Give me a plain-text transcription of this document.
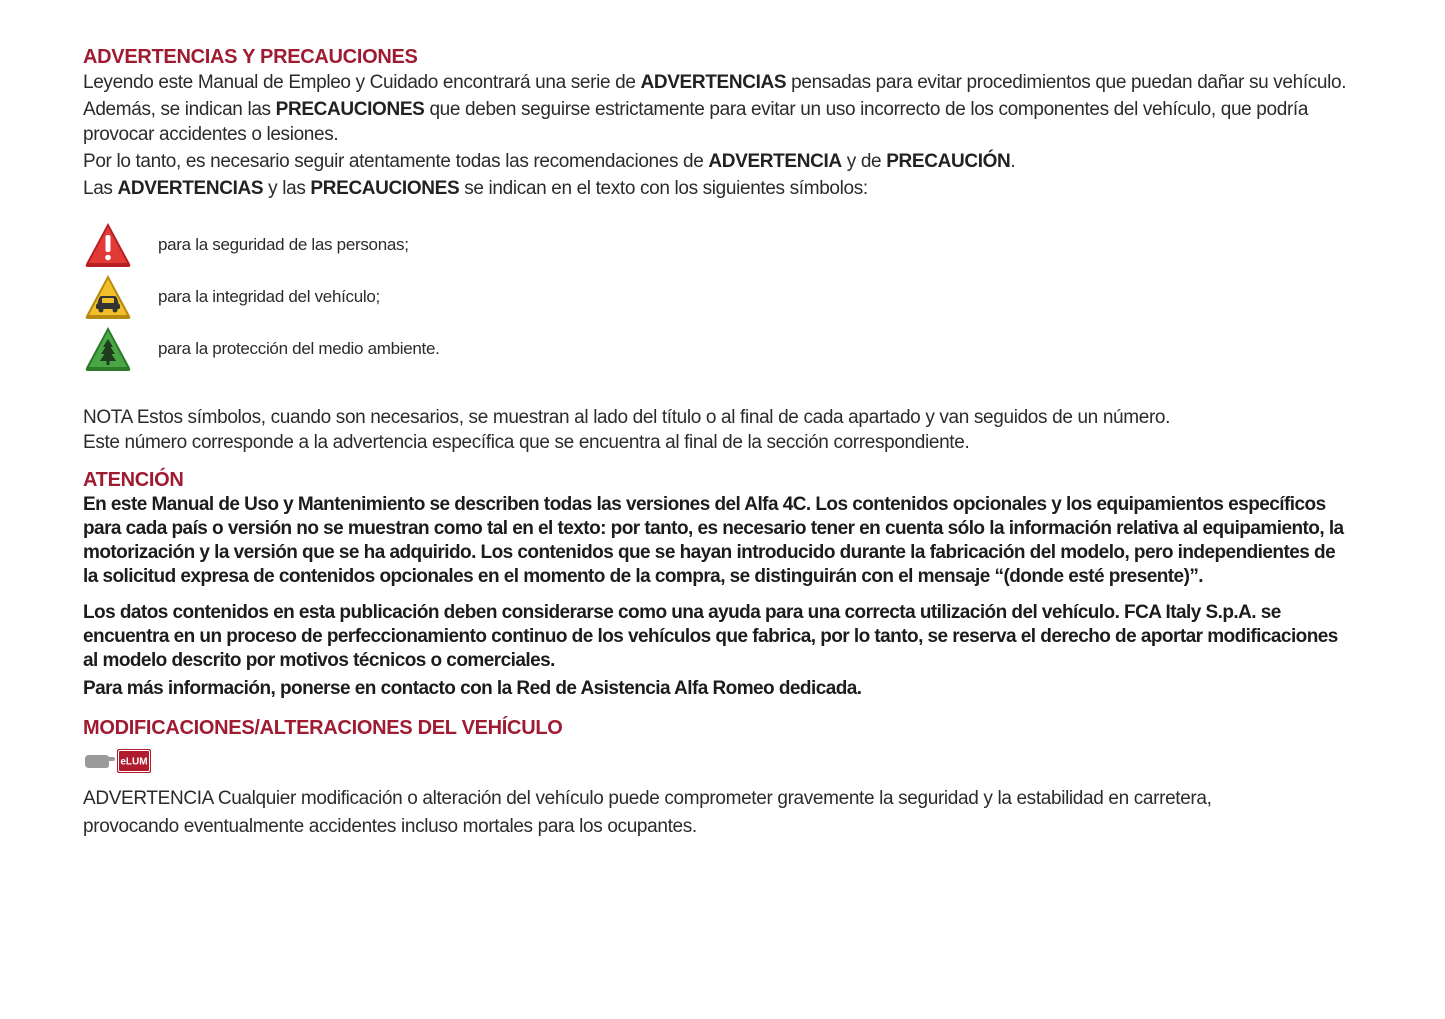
ADVERTENCIAS Y PRECAUCIONES

Leyendo este Manual de Empleo y Cuidado encontrará una serie de ADVERTENCIAS pensadas para evitar procedimientos que puedan dañar su vehículo.

Además, se indican las PRECAUCIONES que deben seguirse estrictamente para evitar un uso incorrecto de los componentes del vehículo, que podría provocar accidentes o lesiones.

Por lo tanto, es necesario seguir atentamente todas las recomendaciones de ADVERTENCIA y de PRECAUCIÓN.

Las ADVERTENCIAS y las PRECAUCIONES se indican en el texto con los siguientes símbolos:

para la seguridad de las personas;
para la integridad del vehículo;
para la protección del medio ambiente.

NOTA Estos símbolos, cuando son necesarios, se muestran al lado del título o al final de cada apartado y van seguidos de un número.

Este número corresponde a la advertencia específica que se encuentra al final de la sección correspondiente.

ATENCIÓN

En este Manual de Uso y Mantenimiento se describen todas las versiones del Alfa 4C. Los contenidos opcionales y los equipamientos específicos para cada país o versión no se muestran como tal en el texto: por tanto, es necesario tener en cuenta sólo la información relativa al equipamiento, la motorización y la versión que se ha adquirido. Los contenidos que se hayan introducido durante la fabricación del modelo, pero independientes de la solicitud expresa de contenidos opcionales en el momento de la compra, se distinguirán con el mensaje “(donde esté presente)”.

Los datos contenidos en esta publicación deben considerarse como una ayuda para una correcta utilización del vehículo. FCA Italy S.p.A. se encuentra en un proceso de perfeccionamiento continuo de los vehículos que fabrica, por lo tanto, se reserva el derecho de aportar modificaciones al modelo descrito por motivos técnicos o comerciales.

Para más información, ponerse en contacto con la Red de Asistencia Alfa Romeo dedicada.

MODIFICACIONES/ALTERACIONES DEL VEHÍCULO
eLUM

ADVERTENCIA Cualquier modificación o alteración del vehículo puede comprometer gravemente la seguridad y la estabilidad en carretera, provocando eventualmente accidentes incluso mortales para los ocupantes.
